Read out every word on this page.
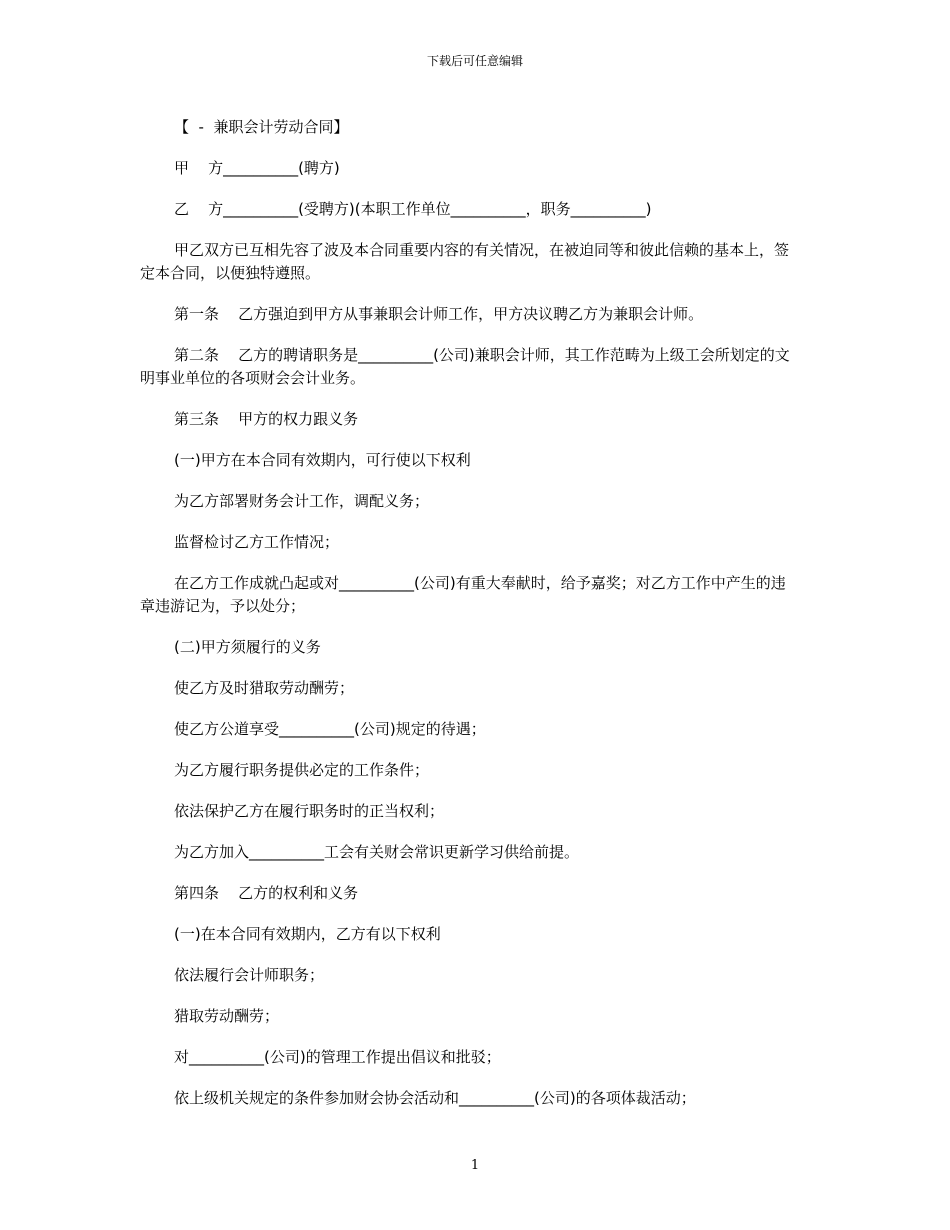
下载后可任意编辑

【  -  兼职会计劳动合同】

甲    方__________(聘方)

乙    方__________(受聘方)(本职工作单位__________，职务__________)

甲乙双方已互相先容了波及本合同重要内容的有关情况，在被迫同等和彼此信赖的基本上，签定本合同，以便独特遵照。

第一条    乙方强迫到甲方从事兼职会计师工作，甲方决议聘乙方为兼职会计师。

第二条    乙方的聘请职务是__________(公司)兼职会计师，其工作范畴为上级工会所划定的文明事业单位的各项财会会计业务。

第三条    甲方的权力跟义务

(一)甲方在本合同有效期内，可行使以下权利

为乙方部署财务会计工作，调配义务；

监督检讨乙方工作情况；

在乙方工作成就凸起或对__________(公司)有重大奉献时，给予嘉奖；对乙方工作中产生的违章违游记为，予以处分；

(二)甲方须履行的义务

使乙方及时猎取劳动酬劳；

使乙方公道享受__________(公司)规定的待遇；

为乙方履行职务提供必定的工作条件；

依法保护乙方在履行职务时的正当权利；

为乙方加入__________工会有关财会常识更新学习供给前提。

第四条    乙方的权利和义务

(一)在本合同有效期内，乙方有以下权利

依法履行会计师职务；

猎取劳动酬劳；

对__________(公司)的管理工作提出倡议和批驳；

依上级机关规定的条件参加财会协会活动和__________(公司)的各项体裁活动；

1
